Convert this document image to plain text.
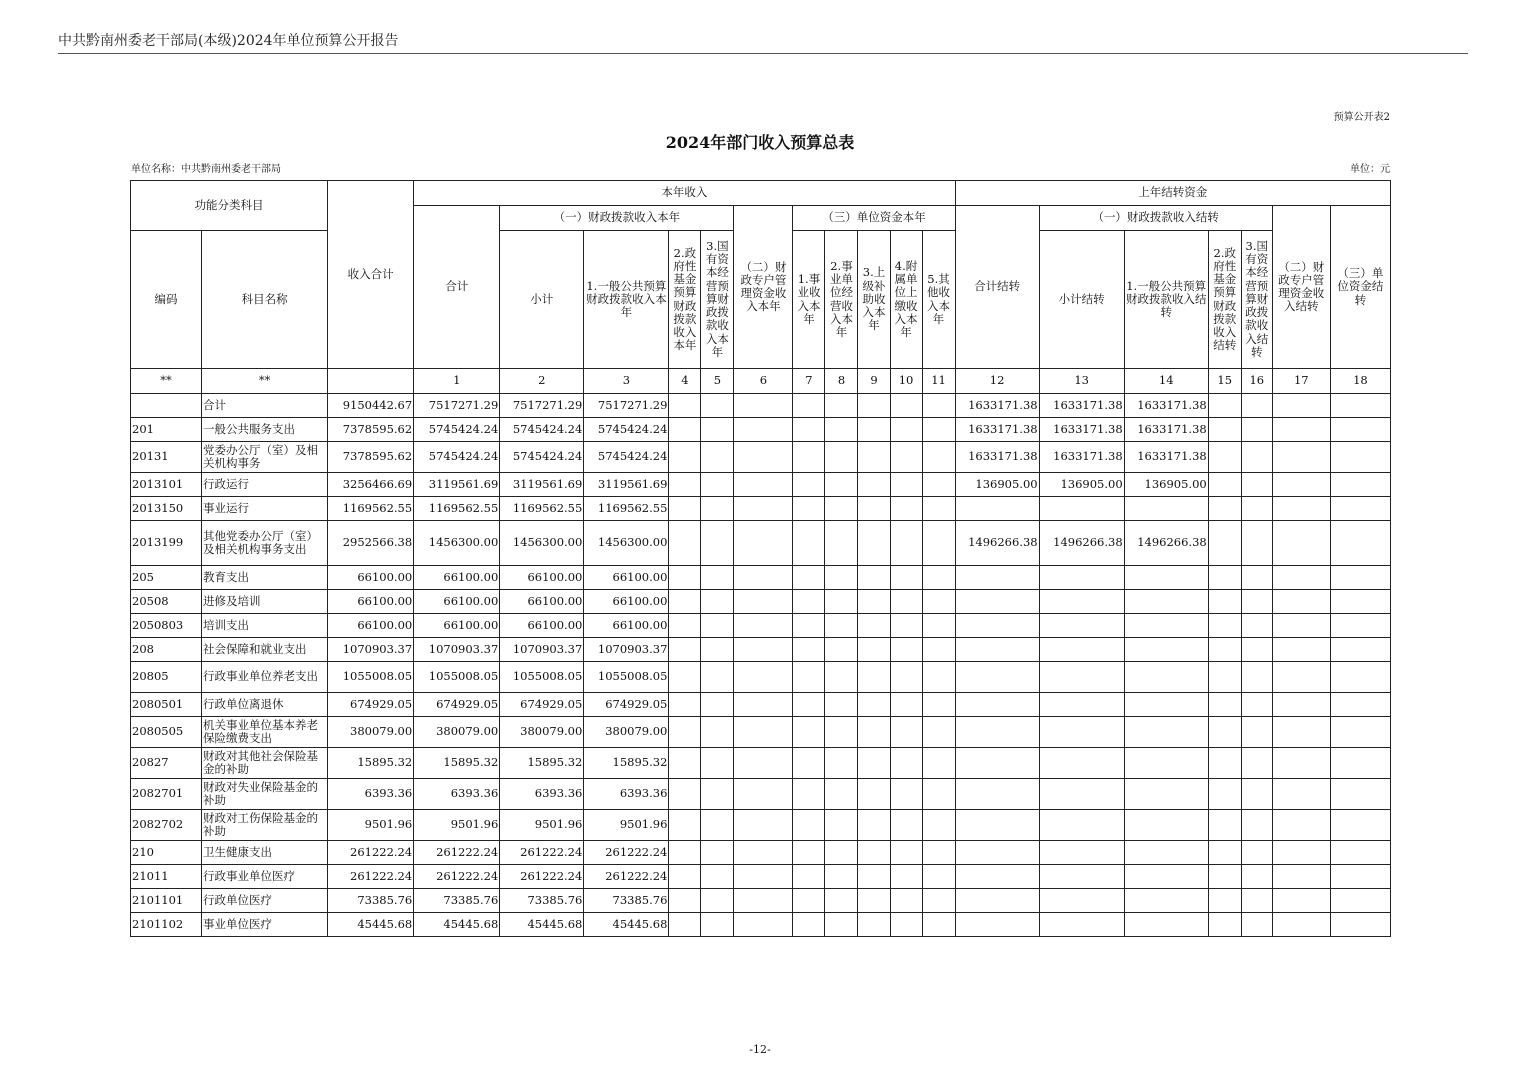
中共黔南州委老干部局(本级)2024年单位预算公开报告
预算公开表2
2024年部门收入预算总表
单位名称：中共黔南州委老干部局	单位：元
功能分类科目		收入合计	本年收入											上年结转资金						
			合计	（一）财政拨款收入本年				（二）财政专户管理资金收入本年	（三）单位资金本年					合计结转	（一）财政拨款收入结转				（二）财政专户管理资金收入结转	（三）单位资金结转
编码	科目名称			小计	1.一般公共预算财政拨款收入本年	2.政府性基金预算财政拨款收入本年	3.国有资本经营预算财政拨款收入本年		1.事业收入本年	2.事业单位经营收入本年	3.上级补助收入本年	4.附属单位上缴收入本年	5.其他收入本年		小计结转	1.一般公共预算财政拨款收入结转	2.政府性基金预算财政拨款收入结转	3.国有资本经营预算财政拨款收入结转		
**	**		1	2	3	4	5	6	7	8	9	10	11	12	13	14	15	16	17	18
	合计	9150442.67	7517271.29	7517271.29	7517271.29									1633171.38	1633171.38	1633171.38				
201	一般公共服务支出	7378595.62	5745424.24	5745424.24	5745424.24									1633171.38	1633171.38	1633171.38				
20131	党委办公厅（室）及相关机构事务	7378595.62	5745424.24	5745424.24	5745424.24									1633171.38	1633171.38	1633171.38				
2013101	行政运行	3256466.69	3119561.69	3119561.69	3119561.69									136905.00	136905.00	136905.00				
2013150	事业运行	1169562.55	1169562.55	1169562.55	1169562.55															
2013199	其他党委办公厅（室）及相关机构事务支出	2952566.38	1456300.00	1456300.00	1456300.00									1496266.38	1496266.38	1496266.38				
205	教育支出	66100.00	66100.00	66100.00	66100.00															
20508	进修及培训	66100.00	66100.00	66100.00	66100.00															
2050803	培训支出	66100.00	66100.00	66100.00	66100.00															
208	社会保障和就业支出	1070903.37	1070903.37	1070903.37	1070903.37															
20805	行政事业单位养老支出	1055008.05	1055008.05	1055008.05	1055008.05															
2080501	行政单位离退休	674929.05	674929.05	674929.05	674929.05															
2080505	机关事业单位基本养老保险缴费支出	380079.00	380079.00	380079.00	380079.00															
20827	财政对其他社会保险基金的补助	15895.32	15895.32	15895.32	15895.32															
2082701	财政对失业保险基金的补助	6393.36	6393.36	6393.36	6393.36															
2082702	财政对工伤保险基金的补助	9501.96	9501.96	9501.96	9501.96															
210	卫生健康支出	261222.24	261222.24	261222.24	261222.24															
21011	行政事业单位医疗	261222.24	261222.24	261222.24	261222.24															
2101101	行政单位医疗	73385.76	73385.76	73385.76	73385.76															
2101102	事业单位医疗	45445.68	45445.68	45445.68	45445.68															
-12-
